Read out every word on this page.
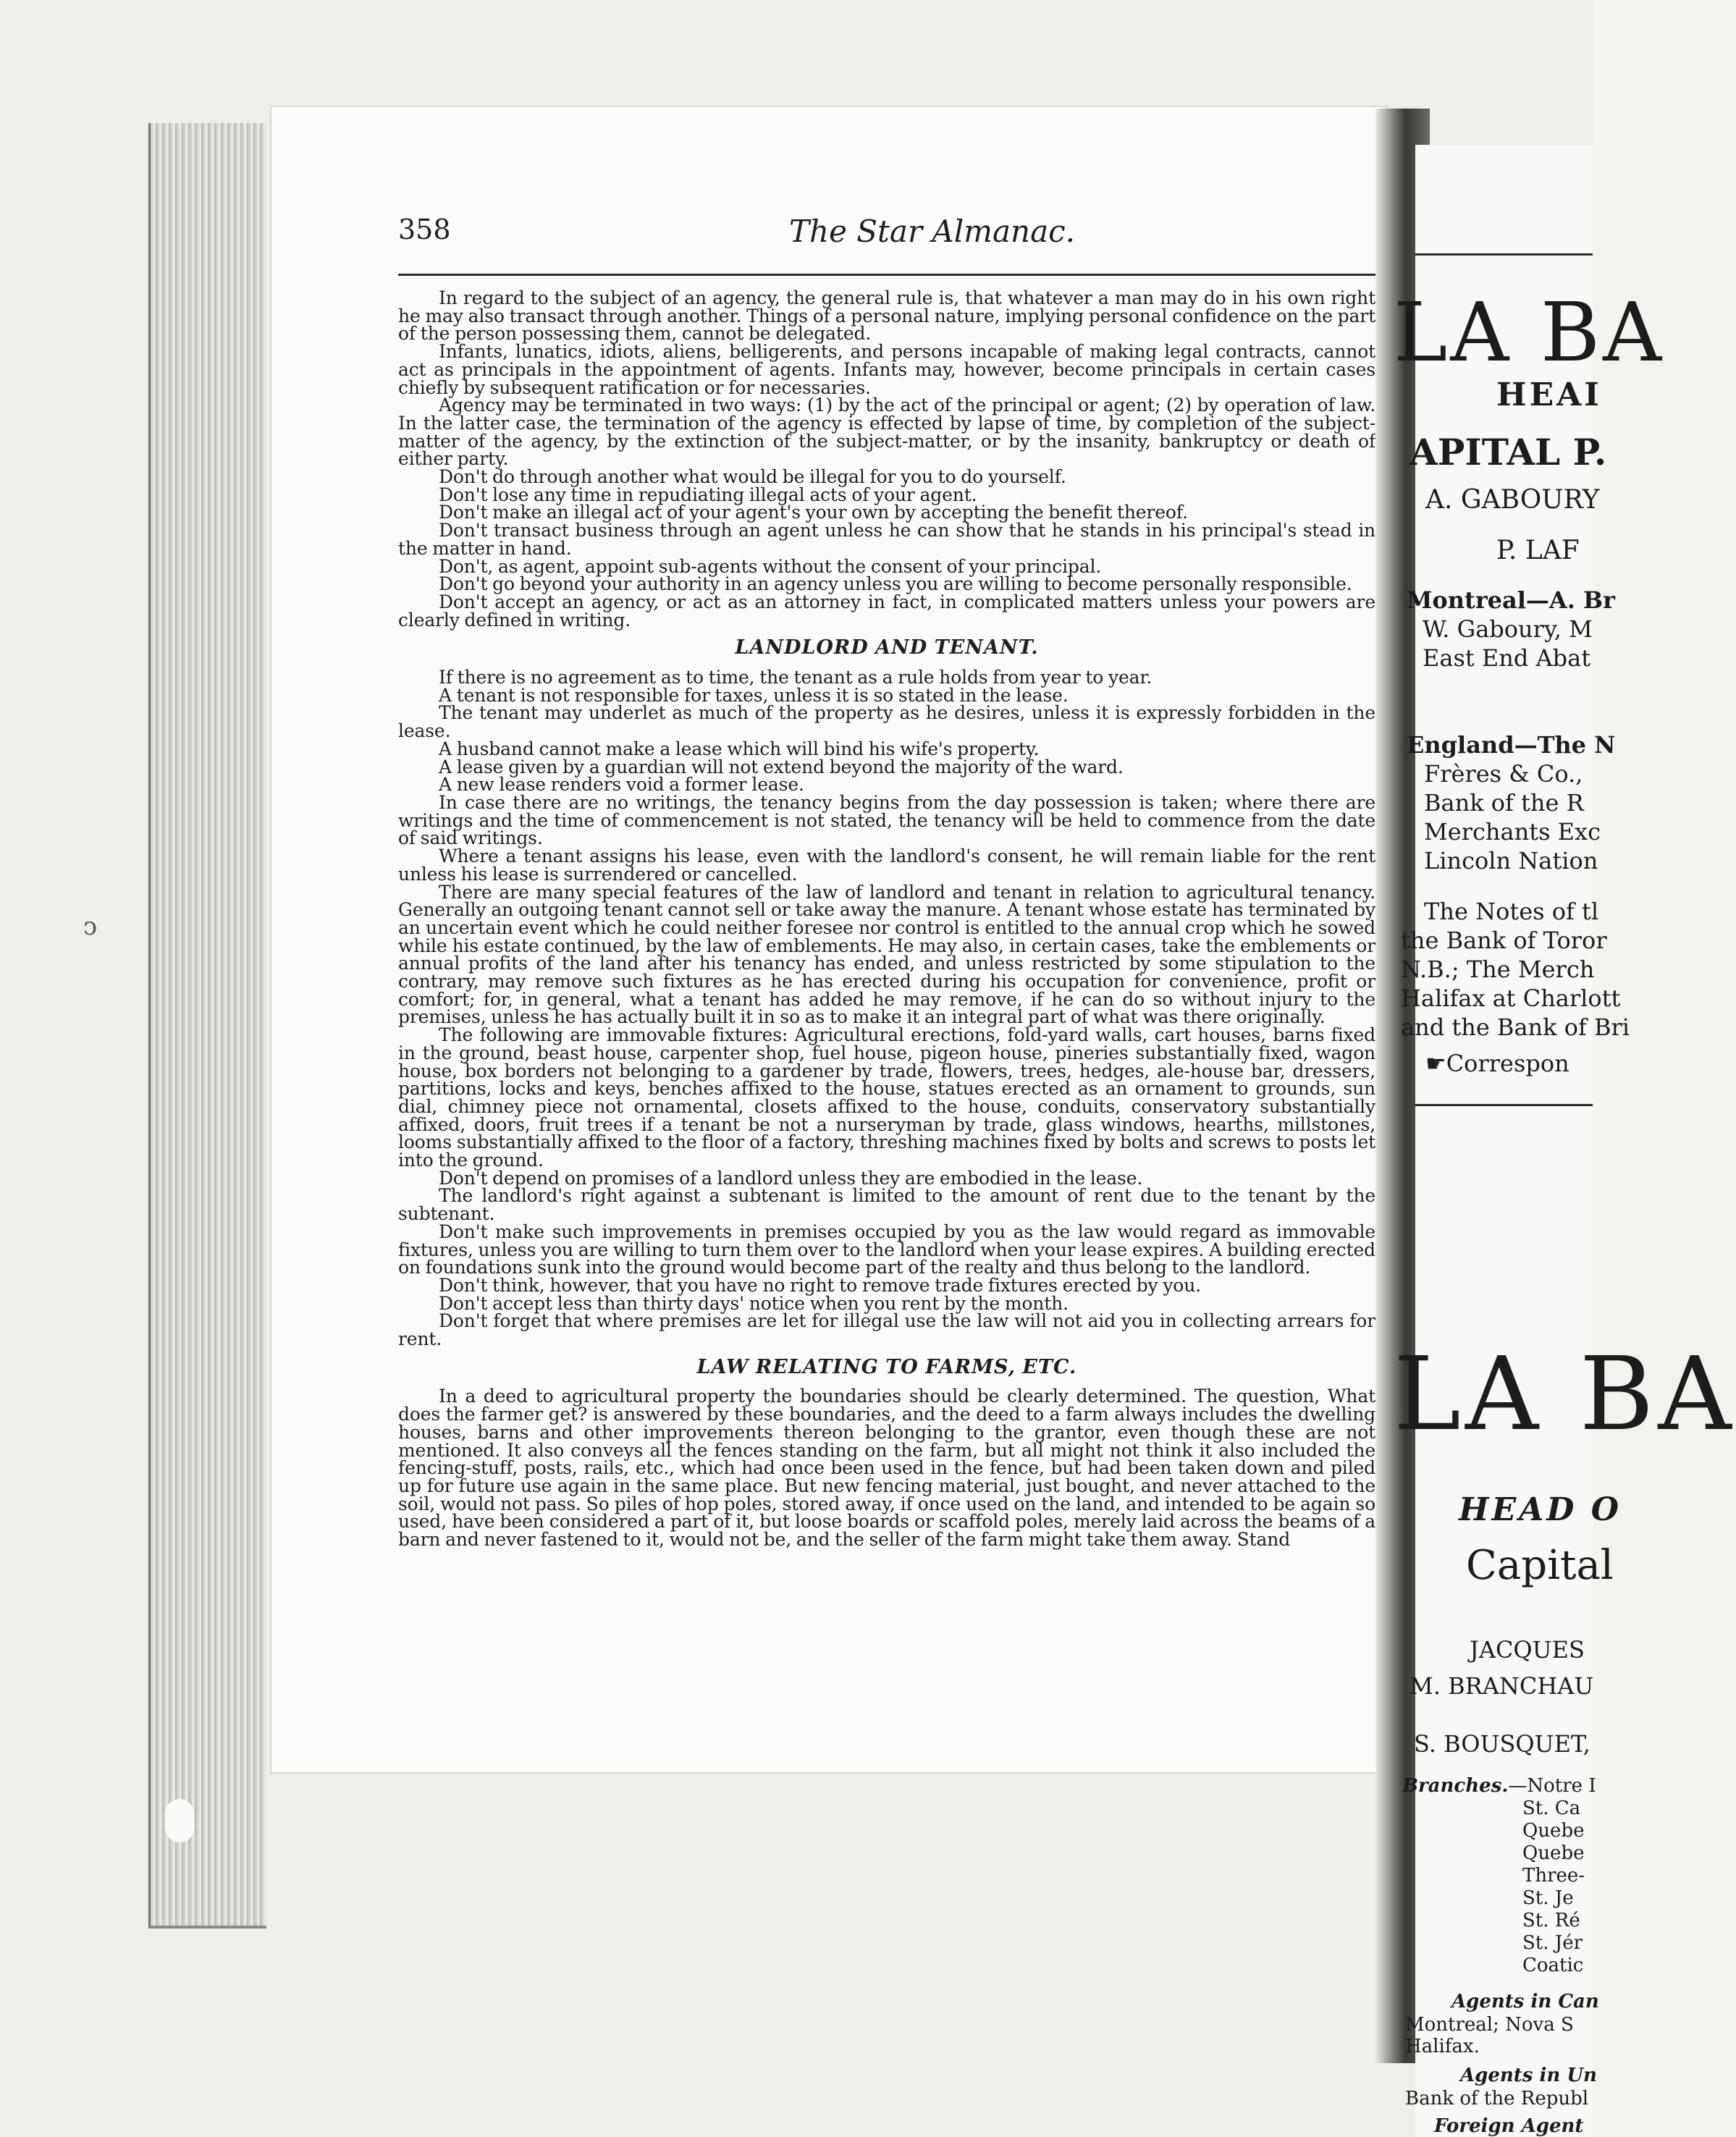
ↄ
358	The Star Almanac.

In regard to the subject of an agency, the general rule is, that whatever a man may do in his own right he may also transact through another. Things of a personal nature, implying personal confidence on the part of the person possessing them, cannot be delegated.

Infants, lunatics, idiots, aliens, belligerents, and persons incapable of making legal contracts, cannot act as principals in the appointment of agents. Infants may, however, become principals in certain cases chiefly by subsequent ratification or for necessaries.

Agency may be terminated in two ways: (1) by the act of the principal or agent; (2) by operation of law. In the latter case, the termination of the agency is effected by lapse of time, by completion of the subject-matter of the agency, by the extinction of the subject-matter, or by the insanity, bankruptcy or death of either party.

Don't do through another what would be illegal for you to do yourself.

Don't lose any time in repudiating illegal acts of your agent.

Don't make an illegal act of your agent's your own by accepting the benefit thereof.

Don't transact business through an agent unless he can show that he stands in his principal's stead in the matter in hand.

Don't, as agent, appoint sub-agents without the consent of your principal.

Don't go beyond your authority in an agency unless you are willing to become personally responsible.

Don't accept an agency, or act as an attorney in fact, in complicated matters unless your powers are clearly defined in writing.

LANDLORD AND TENANT.

If there is no agreement as to time, the tenant as a rule holds from year to year.

A tenant is not responsible for taxes, unless it is so stated in the lease.

The tenant may underlet as much of the property as he desires, unless it is expressly forbidden in the lease.

A husband cannot make a lease which will bind his wife's property.

A lease given by a guardian will not extend beyond the majority of the ward.

A new lease renders void a former lease.

In case there are no writings, the tenancy begins from the day possession is taken; where there are writings and the time of commencement is not stated, the tenancy will be held to commence from the date of said writings.

Where a tenant assigns his lease, even with the landlord's consent, he will remain liable for the rent unless his lease is surrendered or cancelled.

There are many special features of the law of landlord and tenant in relation to agricultural tenancy. Generally an outgoing tenant cannot sell or take away the manure. A tenant whose estate has terminated by an uncertain event which he could neither foresee nor control is entitled to the annual crop which he sowed while his estate continued, by the law of emblements. He may also, in certain cases, take the emblements or annual profits of the land after his tenancy has ended, and unless restricted by some stipulation to the contrary, may remove such fixtures as he has erected during his occupation for convenience, profit or comfort; for, in general, what a tenant has added he may remove, if he can do so without injury to the premises, unless he has actually built it in so as to make it an integral part of what was there originally.

The following are immovable fixtures: Agricultural erections, fold-yard walls, cart houses, barns fixed in the ground, beast house, carpenter shop, fuel house, pigeon house, pineries substantially fixed, wagon house, box borders not belonging to a gardener by trade, flowers, trees, hedges, ale-house bar, dressers, partitions, locks and keys, benches affixed to the house, statues erected as an ornament to grounds, sun dial, chimney piece not ornamental, closets affixed to the house, conduits, conservatory substantially affixed, doors, fruit trees if a tenant be not a nurseryman by trade, glass windows, hearths, millstones, looms substantially affixed to the floor of a factory, threshing machines fixed by bolts and screws to posts let into the ground.

Don't depend on promises of a landlord unless they are embodied in the lease.

The landlord's right against a subtenant is limited to the amount of rent due to the tenant by the subtenant.

Don't make such improvements in premises occupied by you as the law would regard as immovable fixtures, unless you are willing to turn them over to the landlord when your lease expires. A building erected on foundations sunk into the ground would become part of the realty and thus belong to the landlord.

Don't think, however, that you have no right to remove trade fixtures erected by you.

Don't accept less than thirty days' notice when you rent by the month.

Don't forget that where premises are let for illegal use the law will not aid you in collecting arrears for rent.

LAW RELATING TO FARMS, ETC.

In a deed to agricultural property the boundaries should be clearly determined. The question, What does the farmer get? is answered by these boundaries, and the deed to a farm always includes the dwelling houses, barns and other improvements thereon belonging to the grantor, even though these are not mentioned. It also conveys all the fences standing on the farm, but all might not think it also included the fencing-stuff, posts, rails, etc., which had once been used in the fence, but had been taken down and piled up for future use again in the same place. But new fencing material, just bought, and never attached to the soil, would not pass. So piles of hop poles, stored away, if once used on the land, and intended to be again so used, have been considered a part of it, but loose boards or scaffold poles, merely laid across the beams of a barn and never fastened to it, would not be, and the seller of the farm might take them away. Stand

LA BA
HEAI
APITAL P.
A. GABOURY
P. LAF
Montreal—A. Br
W. Gaboury, M
East End Abat
England—The N
Frères & Co.,
Bank of the R
Merchants Exc
Lincoln Nation
The Notes of tl
the Bank of Toror
N.B.; The Merch
Halifax at Charlott
and the Bank of Bri
☛Correspon
LA BA
HEAD O
Capital
JACQUES
M. BRANCHAU
S. BOUSQUET,
Branches.—Notre I
St. Ca
Quebe
Quebe
Three-
St. Je
St. Ré
St. Jér
Coatic
Agents in Can
Montreal; Nova S
Halifax.
Agents in Un
Bank of the Republ
Foreign Agent
